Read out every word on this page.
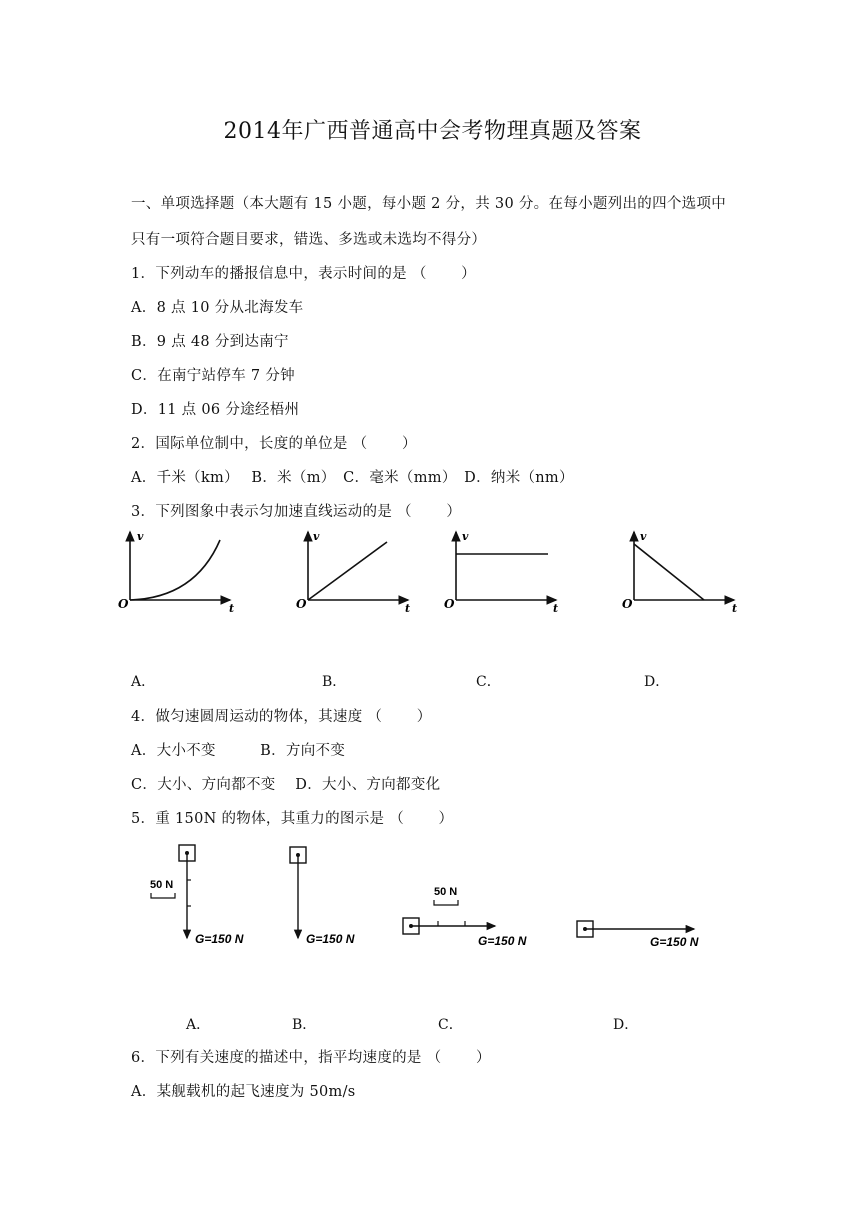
2014年广西普通高中会考物理真题及答案
一、单项选择题（本大题有 15 小题，每小题 2 分，共 30 分。在每小题列出的四个选项中
只有一项符合题目要求，错选、多选或未选均不得分）
1．下列动车的播报信息中，表示时间的是 （　　 ）
A．8 点 10 分从北海发车
B．9 点 48 分到达南宁
C．在南宁站停车 7 分钟
D．11 点 06 分途经梧州
2．国际单位制中，长度的单位是 （　　 ）
A．千米（km）　 B．米（m）　C．毫米（mm）　D．纳米（nm）
3．下列图象中表示匀加速直线运动的是 （　　 ）
v
t
O
v
t
O
v
t
O
v
t
O
A．	B．	C．	D．
4．做匀速圆周运动的物体，其速度 （　　 ）
A．大小不变　　　B．方向不变
C．大小、方向都不变　 D．大小、方向都变化
5．重 150N 的物体，其重力的图示是 （　　 ）
50 N
G=150 N	G=150 N
50 N
G=150 N	G=150 N
A．	B．	C．	D．
6．下列有关速度的描述中，指平均速度的是 （　　 ）
A．某舰载机的起飞速度为 50m/s
